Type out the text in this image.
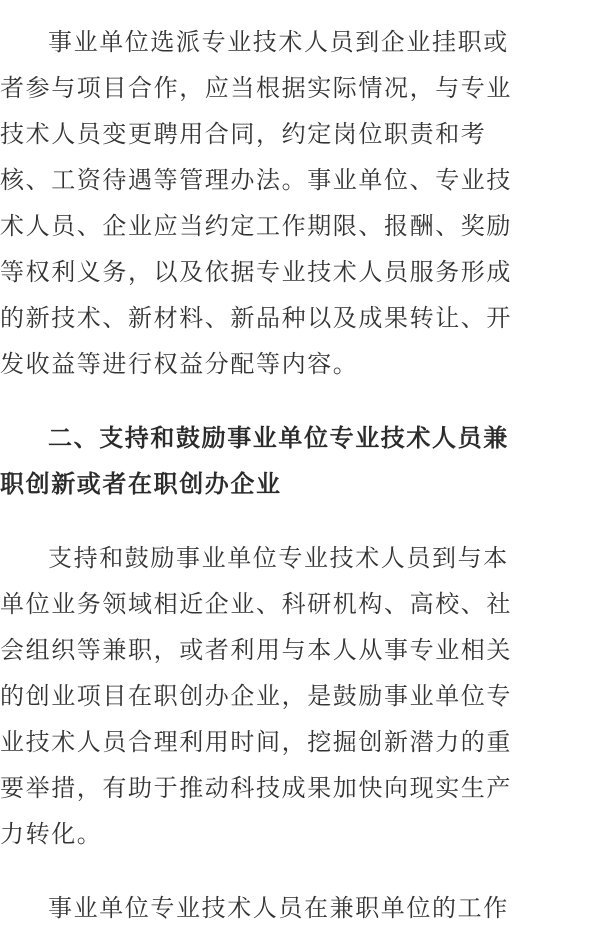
事业单位选派专业技术人员到企业挂职或
者参与项目合作，应当根据实际情况，与专业
技术人员变更聘用合同，约定岗位职责和考
核、工资待遇等管理办法。事业单位、专业技
术人员、企业应当约定工作期限、报酬、奖励
等权利义务，以及依据专业技术人员服务形成
的新技术、新材料、新品种以及成果转让、开
发收益等进行权益分配等内容。
二、支持和鼓励事业单位专业技术人员兼
职创新或者在职创办企业
支持和鼓励事业单位专业技术人员到与本
单位业务领域相近企业、科研机构、高校、社
会组织等兼职，或者利用与本人从事专业相关
的创业项目在职创办企业，是鼓励事业单位专
业技术人员合理利用时间，挖掘创新潜力的重
要举措，有助于推动科技成果加快向现实生产
力转化。
事业单位专业技术人员在兼职单位的工作
